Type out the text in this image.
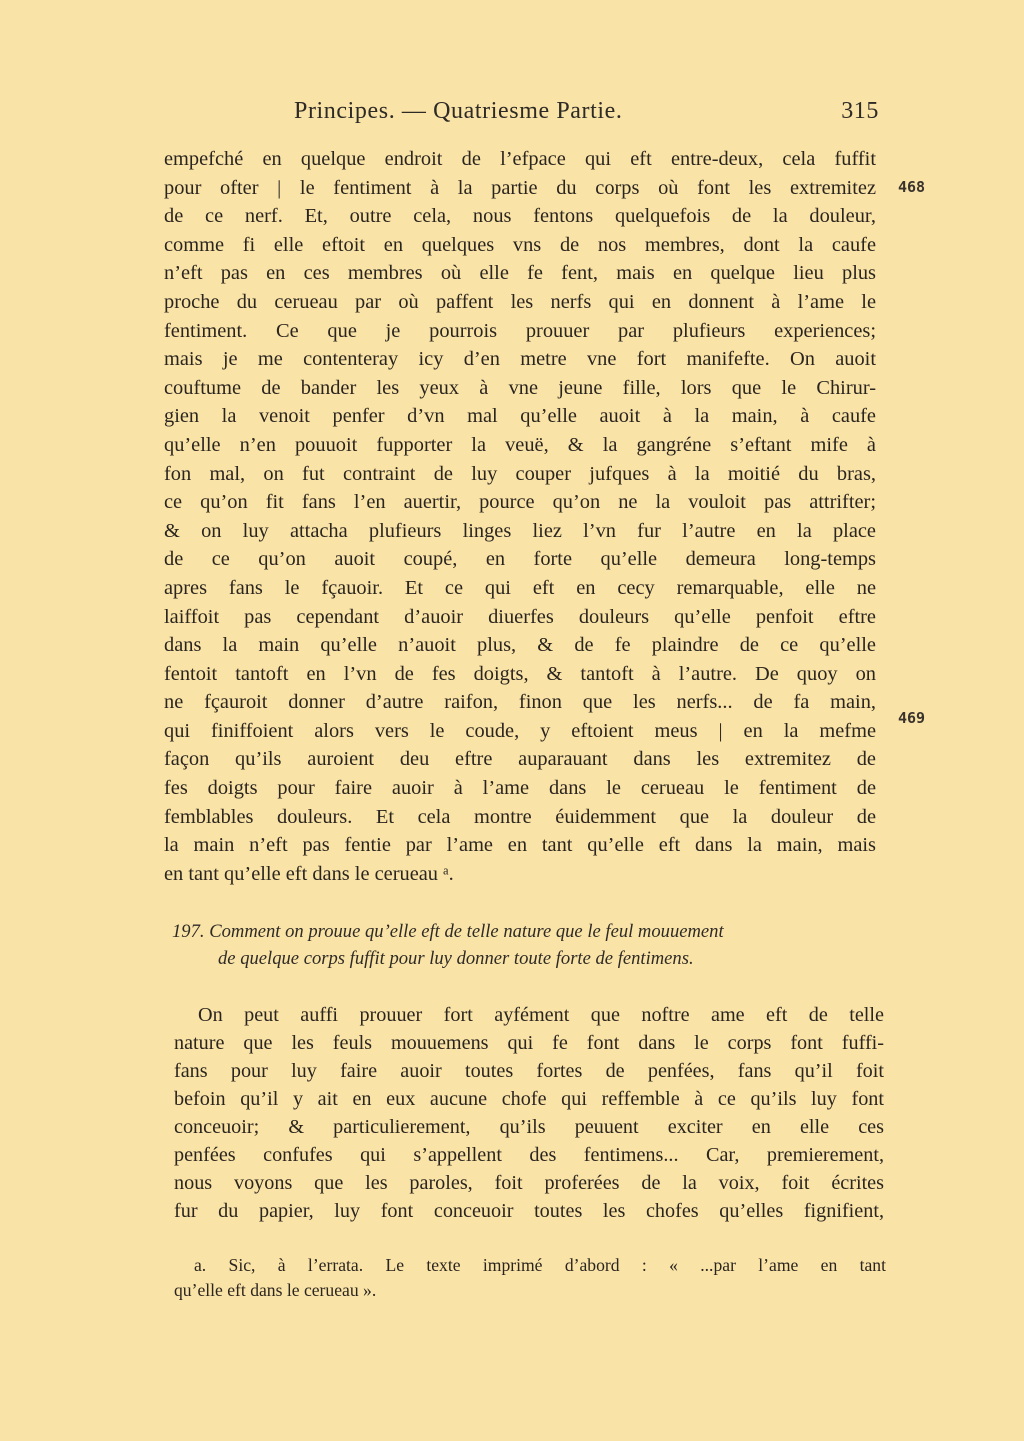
Principes. — Quatriesme Partie.	315
empefché en quelque endroit de l’efpace qui eft entre-deux, cela fuffit
pour ofter | le fentiment à la partie du corps où font les extremitez
de ce nerf. Et, outre cela, nous fentons quelquefois de la douleur,
comme fi elle eftoit en quelques vns de nos membres, dont la caufe
n’eft pas en ces membres où elle fe fent, mais en quelque lieu plus
proche du cerueau par où paffent les nerfs qui en donnent à l’ame le
fentiment. Ce que je pourrois prouuer par plufieurs experiences;
mais je me contenteray icy d’en metre vne fort manifefte. On auoit
couftume de bander les yeux à vne jeune fille, lors que le Chirur-
gien la venoit penfer d’vn mal qu’elle auoit à la main, à caufe
qu’elle n’en pouuoit fupporter la veuë, & la gangréne s’eftant mife à
fon mal, on fut contraint de luy couper jufques à la moitié du bras,
ce qu’on fit fans l’en auertir, pource qu’on ne la vouloit pas attrifter;
& on luy attacha plufieurs linges liez l’vn fur l’autre en la place
de ce qu’on auoit coupé, en forte qu’elle demeura long-temps
apres fans le fçauoir. Et ce qui eft en cecy remarquable, elle ne
laiffoit pas cependant d’auoir diuerfes douleurs qu’elle penfoit eftre
dans la main qu’elle n’auoit plus, & de fe plaindre de ce qu’elle
fentoit tantoft en l’vn de fes doigts, & tantoft à l’autre. De quoy on
ne fçauroit donner d’autre raifon, finon que les nerfs... de fa main,
qui finiffoient alors vers le coude, y eftoient meus | en la mefme
façon qu’ils auroient deu eftre auparauant dans les extremitez de
fes doigts pour faire auoir à l’ame dans le cerueau le fentiment de
femblables douleurs. Et cela montre éuidemment que la douleur de
la main n’eft pas fentie par l’ame en tant qu’elle eft dans la main, mais
en tant qu’elle eft dans le cerueau ᵃ.
468
469
197. Comment on prouue qu’elle eft de telle nature que le feul mouuement
de quelque corps fuffit pour luy donner toute forte de fentimens.
On peut auffi prouuer fort ayfément que noftre ame eft de telle
nature que les feuls mouuemens qui fe font dans le corps font fuffi-
fans pour luy faire auoir toutes fortes de penfées, fans qu’il foit
befoin qu’il y ait en eux aucune chofe qui reffemble à ce qu’ils luy font
conceuoir; & particulierement, qu’ils peuuent exciter en elle ces
penfées confufes qui s’appellent des fentimens... Car, premierement,
nous voyons que les paroles, foit proferées de la voix, foit écrites
fur du papier, luy font conceuoir toutes les chofes qu’elles fignifient,
a. Sic, à l’errata. Le texte imprimé d’abord : « ...par l’ame en tant
qu’elle eft dans le cerueau ».
